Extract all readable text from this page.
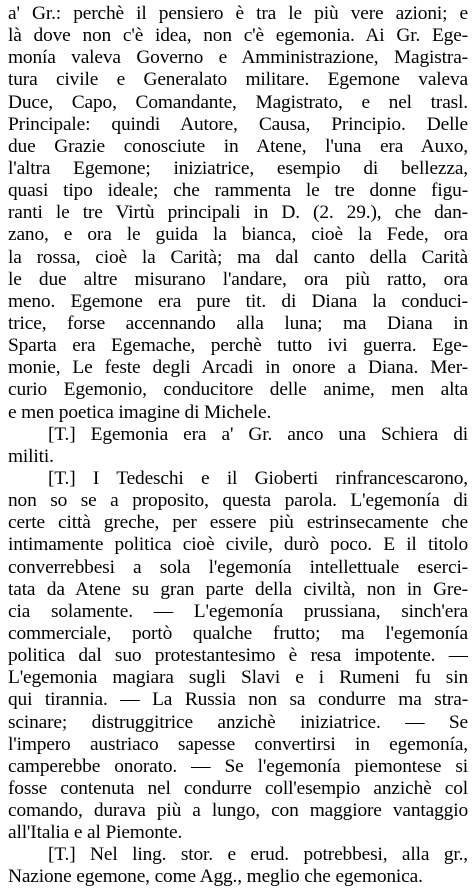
a' Gr.: perchè il pensiero è tra le più vere azioni; e
là dove non c'è idea, non c'è egemonia. Ai Gr. Ege-
monía valeva Governo e Amministrazione, Magistra-
tura civile e Generalato militare. Egemone valeva
Duce, Capo, Comandante, Magistrato, e nel trasl.
Principale: quindi Autore, Causa, Principio. Delle
due Grazie conosciute in Atene, l'una era Auxo,
l'altra Egemone; iniziatrice, esempio di bellezza,
quasi tipo ideale; che rammenta le tre donne figu-
ranti le tre Virtù principali in D. (2. 29.), che dan-
zano, e ora le guida la bianca, cioè la Fede, ora
la rossa, cioè la Carità; ma dal canto della Carità
le due altre misurano l'andare, ora più ratto, ora
meno. Egemone era pure tit. di Diana la conduci-
trice, forse accennando alla luna; ma Diana in
Sparta era Egemache, perchè tutto ivi guerra. Ege-
monie, Le feste degli Arcadi in onore a Diana. Mer-
curio Egemonio, conducitore delle anime, men alta
e men poetica imagine di Michele.
[T.] Egemonia era a' Gr. anco una Schiera di
militi.
[T.] I Tedeschi e il Gioberti rinfrancescarono,
non so se a proposito, questa parola. L'egemonía di
certe città greche, per essere più estrinsecamente che
intimamente politica cioè civile, durò poco. E il titolo
converrebbesi a sola l'egemonía intellettuale eserci-
tata da Atene su gran parte della civiltà, non in Gre-
cia solamente. — L'egemonía prussiana, sinch'era
commerciale, portò qualche frutto; ma l'egemonía
politica dal suo protestantesimo è resa impotente. —
L'egemonia magiara sugli Slavi e i Rumeni fu sin
qui tirannia. — La Russia non sa condurre ma stra-
scinare; distruggitrice anzichè iniziatrice. — Se
l'impero austriaco sapesse convertirsi in egemonía,
camperebbe onorato. — Se l'egemonía piemontese si
fosse contenuta nel condurre coll'esempio anzichè col
comando, durava più a lungo, con maggiore vantaggio
all'Italia e al Piemonte.
[T.] Nel ling. stor. e erud. potrebbesi, alla gr.,
Nazione egemone, come Agg., meglio che egemonica.
